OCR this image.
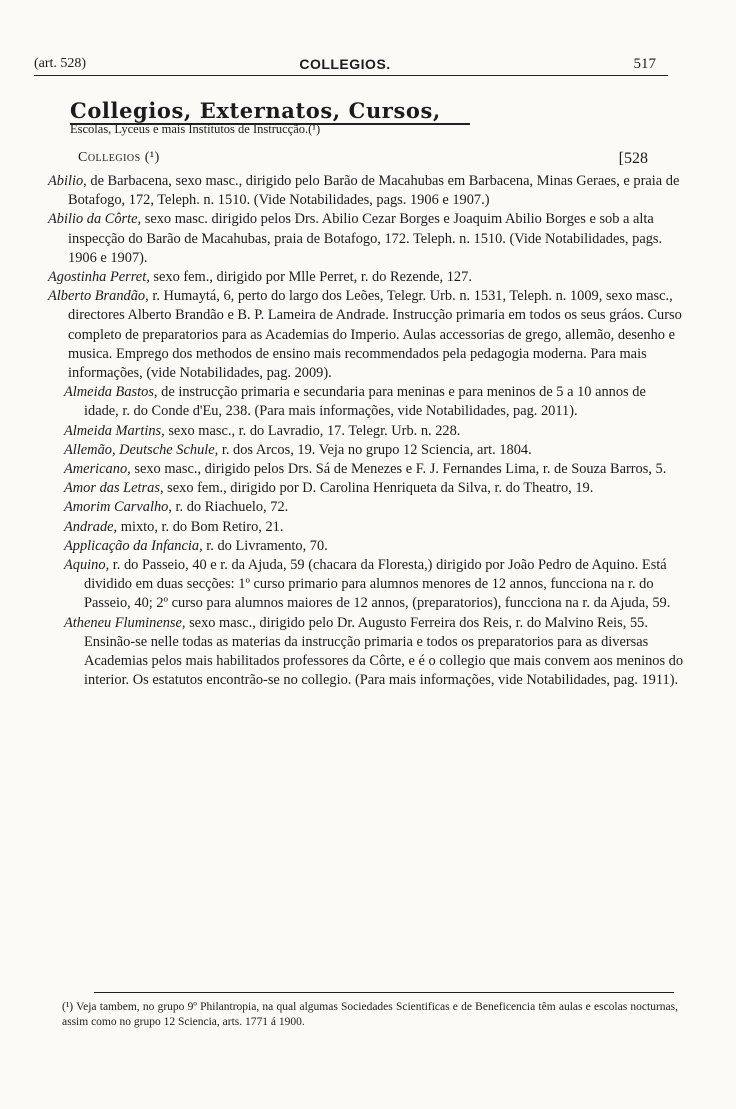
(art. 528)	COLLEGIOS.	517
Collegios, Externatos, Cursos,
Escolas, Lyceus e mais Institutos de Instrucção.(¹)
Collegios (¹)	[528

Abilio, de Barbacena, sexo masc., dirigido pelo Barão de Macahubas em Barbacena, Minas Geraes, e praia de Botafogo, 172, Teleph. n. 1510. (Vide Notabilidades, pags. 1906 e 1907.)

Abilio da Côrte, sexo masc. dirigido pelos Drs. Abilio Cezar Borges e Joaquim Abilio Borges e sob a alta inspecção do Barão de Macahubas, praia de Botafogo, 172. Teleph. n. 1510. (Vide Notabilidades, pags. 1906 e 1907).

Agostinha Perret, sexo fem., dirigido por Mlle Perret, r. do Rezende, 127.

Alberto Brandão, r. Humaytá, 6, perto do largo dos Leões, Telegr. Urb. n. 1531, Teleph. n. 1009, sexo masc., directores Alberto Brandão e B. P. Lameira de Andrade. Instrucção primaria em todos os seus gráos. Curso completo de preparatorios para as Academias do Imperio. Aulas accessorias de grego, allemão, desenho e musica. Emprego dos methodos de ensino mais recommendados pela pedagogia moderna. Para mais informações, (vide Notabilidades, pag. 2009).

Almeida Bastos, de instrucção primaria e secundaria para meninas e para meninos de 5 a 10 annos de idade, r. do Conde d'Eu, 238. (Para mais informações, vide Notabilidades, pag. 2011).

Almeida Martins, sexo masc., r. do Lavradio, 17. Telegr. Urb. n. 228.

Allemão, Deutsche Schule, r. dos Arcos, 19. Veja no grupo 12 Sciencia, art. 1804.

Americano, sexo masc., dirigido pelos Drs. Sá de Menezes e F. J. Fernandes Lima, r. de Souza Barros, 5.

Amor das Letras, sexo fem., dirigido por D. Carolina Henriqueta da Silva, r. do Theatro, 19.

Amorim Carvalho, r. do Riachuelo, 72.

Andrade, mixto, r. do Bom Retiro, 21.

Applicação da Infancia, r. do Livramento, 70.

Aquino, r. do Passeio, 40 e r. da Ajuda, 59 (chacara da Floresta,) dirigido por João Pedro de Aquino. Está dividido em duas secções: 1º curso primario para alumnos menores de 12 annos, funcciona na r. do Passeio, 40; 2º curso para alumnos maiores de 12 annos, (preparatorios), funcciona na r. da Ajuda, 59.

Atheneu Fluminense, sexo masc., dirigido pelo Dr. Augusto Ferreira dos Reis, r. do Malvino Reis, 55. Ensinão-se nelle todas as materias da instrucção primaria e todos os preparatorios para as diversas Academias pelos mais habilitados professores da Côrte, e é o collegio que mais convem aos meninos do interior. Os estatutos encontrão-se no collegio. (Para mais informações, vide Notabilidades, pag. 1911).

(¹) Veja tambem, no grupo 9º Philantropia, na qual algumas Sociedades Scientificas e de Beneficencia têm aulas e escolas nocturnas, assim como no grupo 12 Sciencia, arts. 1771 á 1900.
